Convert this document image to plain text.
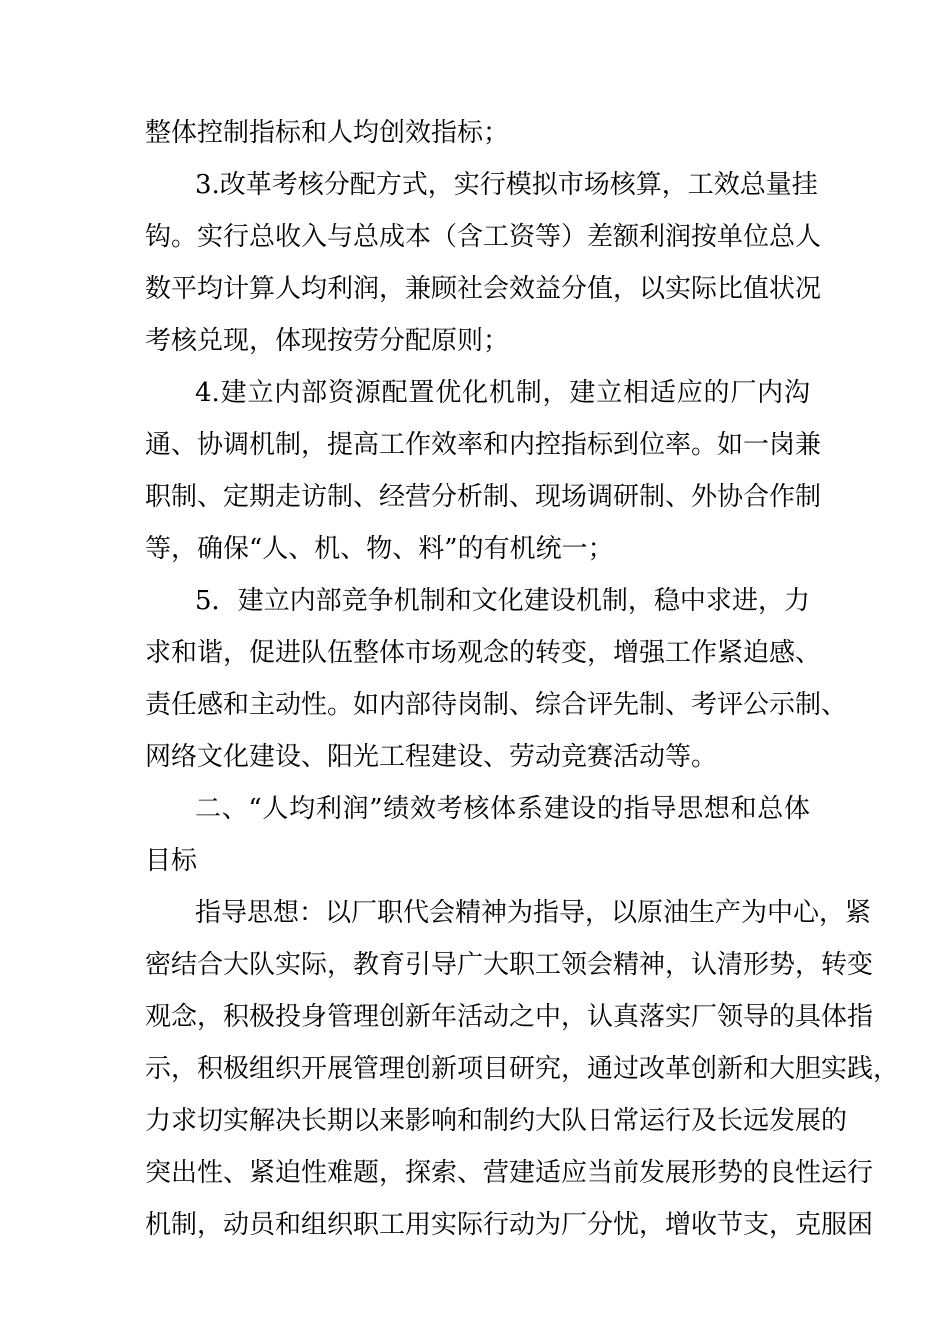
整体控制指标和人均创效指标；
3.改革考核分配方式，实行模拟市场核算，工效总量挂
钩。实行总收入与总成本（含工资等）差额利润按单位总人
数平均计算人均利润，兼顾社会效益分值，以实际比值状况
考核兑现，体现按劳分配原则；
4.建立内部资源配置优化机制，建立相适应的厂内沟
通、协调机制，提高工作效率和内控指标到位率。如一岗兼
职制、定期走访制、经营分析制、现场调研制、外协合作制
等，确保“人、机、物、料”的有机统一；
5．建立内部竞争机制和文化建设机制，稳中求进，力
求和谐，促进队伍整体市场观念的转变，增强工作紧迫感、
责任感和主动性。如内部待岗制、综合评先制、考评公示制、
网络文化建设、阳光工程建设、劳动竞赛活动等。
二、“人均利润”绩效考核体系建设的指导思想和总体
目标
指导思想：以厂职代会精神为指导，以原油生产为中心，紧
密结合大队实际，教育引导广大职工领会精神，认清形势，转变
观念，积极投身管理创新年活动之中，认真落实厂领导的具体指
示，积极组织开展管理创新项目研究，通过改革创新和大胆实践，
力求切实解决长期以来影响和制约大队日常运行及长远发展的
突出性、紧迫性难题，探索、营建适应当前发展形势的良性运行
机制，动员和组织职工用实际行动为厂分忧，增收节支，克服困
